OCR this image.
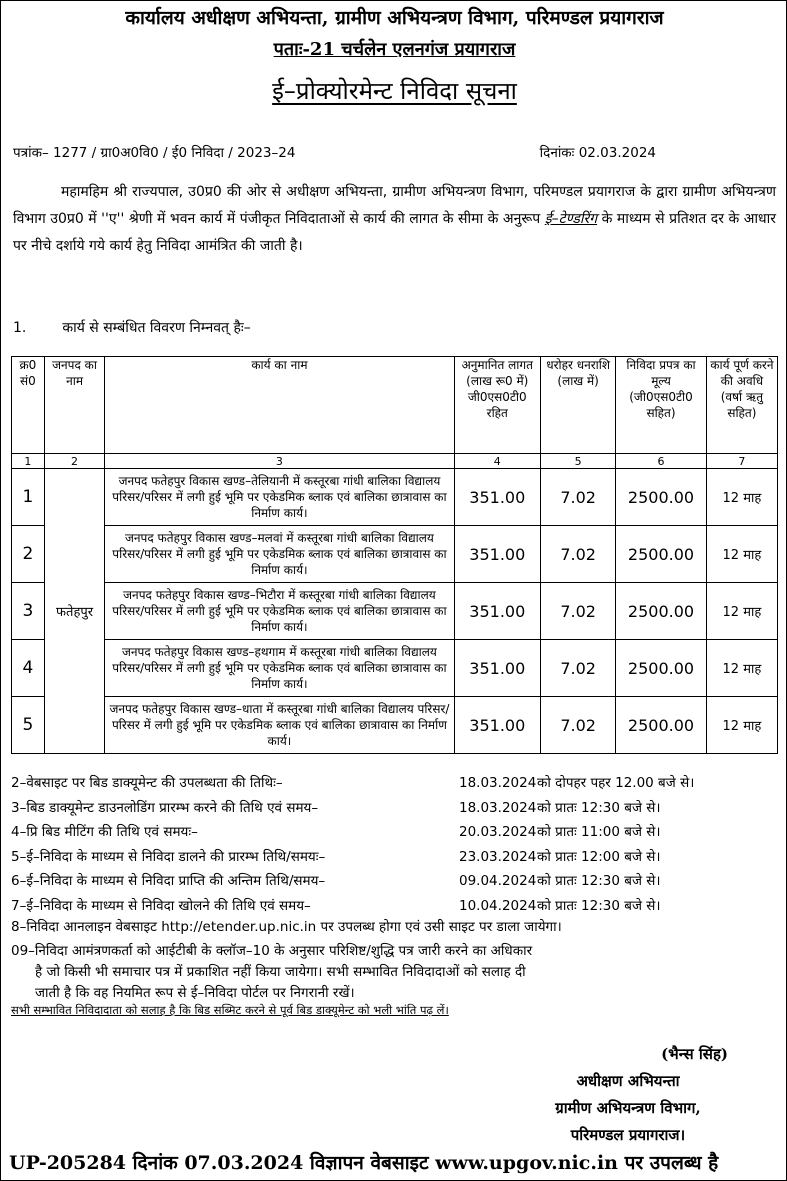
कार्यालय अधीक्षण अभियन्ता, ग्रामीण अभियन्त्रण विभाग, परिमण्डल प्रयागराज
पताः-21 चर्चलेन एलनगंज प्रयागराज
ई–प्रोक्योरमेन्ट निविदा सूचना
पत्रांक– 1277 / ग्रा0अ0वि0 / ई0 निविदा / 2023–24	दिनांकः 02.03.2024
महामहिम श्री राज्यपाल, उ0प्र0 की ओर से अधीक्षण अभियन्ता, ग्रामीण अभियन्त्रण विभाग, परिमण्डल प्रयागराज के द्वारा ग्रामीण अभियन्त्रण विभाग उ0प्र0 में ''ए'' श्रेणी में भवन कार्य में पंजीकृत निविदाताओं से कार्य की लागत के सीमा के अनुरूप ई–टेण्डरिंग के माध्यम से प्रतिशत दर के आधार पर नीचे दर्शाये गये कार्य हेतु निविदा आमंत्रित की जाती है।
1.	कार्य से सम्बंधित विवरण निम्नवत् हैः–
क्र0 सं0	जनपद का नाम	कार्य का नाम	अनुमानित लागत (लाख रू0 में) जी0एस0टी0 रहित	धरोहर धनराशि (लाख में)	निविदा प्रपत्र का मूल्य (जी0एस0टी0 सहित)	कार्य पूर्ण करने की अवधि (वर्षा ऋतु सहित)
1	2	3	4	5	6	7
1	फतेहपुर	जनपद फतेहपुर विकास खण्ड–तेलियानी में कस्तूरबा गांधी बालिका विद्यालय परिसर/परिसर में लगी हुई भूमि पर एकेडमिक ब्लाक एवं बालिका छात्रावास का निर्माण कार्य।	351.00	7.02	2500.00	12 माह
2		जनपद फतेहपुर विकास खण्ड–मलवां में कस्तूरबा गांधी बालिका विद्यालय परिसर/परिसर में लगी हुई भूमि पर एकेडमिक ब्लाक एवं बालिका छात्रावास का निर्माण कार्य।	351.00	7.02	2500.00	12 माह
3		जनपद फतेहपुर विकास खण्ड–भिटौरा में कस्तूरबा गांधी बालिका विद्यालय परिसर/परिसर में लगी हुई भूमि पर एकेडमिक ब्लाक एवं बालिका छात्रावास का निर्माण कार्य।	351.00	7.02	2500.00	12 माह
4		जनपद फतेहपुर विकास खण्ड–हथगाम में कस्तूरबा गांधी बालिका विद्यालय परिसर/परिसर में लगी हुई भूमि पर एकेडमिक ब्लाक एवं बालिका छात्रावास का निर्माण कार्य।	351.00	7.02	2500.00	12 माह
5		जनपद फतेहपुर विकास खण्ड–धाता में कस्तूरबा गांधी बालिका विद्यालय परिसर/परिसर में लगी हुई भूमि पर एकेडमिक ब्लाक एवं बालिका छात्रावास का निर्माण कार्य।	351.00	7.02	2500.00	12 माह
2–वेबसाइट पर बिड डाक्यूमेन्ट की उपलब्धता की तिथिः–	18.03.2024 को दोपहर पहर 12.00 बजे से।
3–बिड डाक्यूमेन्ट डाउनलोडिंग प्रारम्भ करने की तिथि एवं समय–	18.03.2024 को प्रातः 12:30 बजे से।
4–प्रि बिड मीटिंग की तिथि एवं समयः–	20.03.2024 को प्रातः 11:00 बजे से।
5–ई–निविदा के माध्यम से निविदा डालने की प्रारम्भ तिथि/समयः–	23.03.2024 को प्रातः 12:00 बजे से।
6–ई–निविदा के माध्यम से निविदा प्राप्ति की अन्तिम तिथि/समय–	09.04.2024 को प्रातः 12:30 बजे से।
7–ई–निविदा के माध्यम से निविदा खोलने की तिथि एवं समय–	10.04.2024 को प्रातः 12:30 बजे से।
8–निविदा आनलाइन वेबसाइट http://etender.up.nic.in पर उपलब्ध होगा एवं उसी साइट पर डाला जायेगा।
09–निविदा आमंत्रणकर्ता को आईटीबी के क्लॉज–10 के अनुसार परिशिष्ट/शुद्धि पत्र जारी करने का अधिकार
है जो किसी भी समाचार पत्र में प्रकाशित नहीं किया जायेगा। सभी सम्भावित निविदादाओं को सलाह दी
जाती है कि वह नियमित रूप से ई–निविदा पोर्टल पर निगरानी रखें।
सभी सम्भावित निविदादाता को सलाह है कि बिड सब्मिट करने से पूर्व बिड डाक्यूमेन्ट को भली भांति पढ़ लें।
(भैन्स सिंह)
अधीक्षण अभियन्ता
ग्रामीण अभियन्त्रण विभाग,
परिमण्डल प्रयागराज।
UP-205284 दिनांक 07.03.2024 विज्ञापन वेबसाइट www.upgov.nic.in पर उपलब्ध है
